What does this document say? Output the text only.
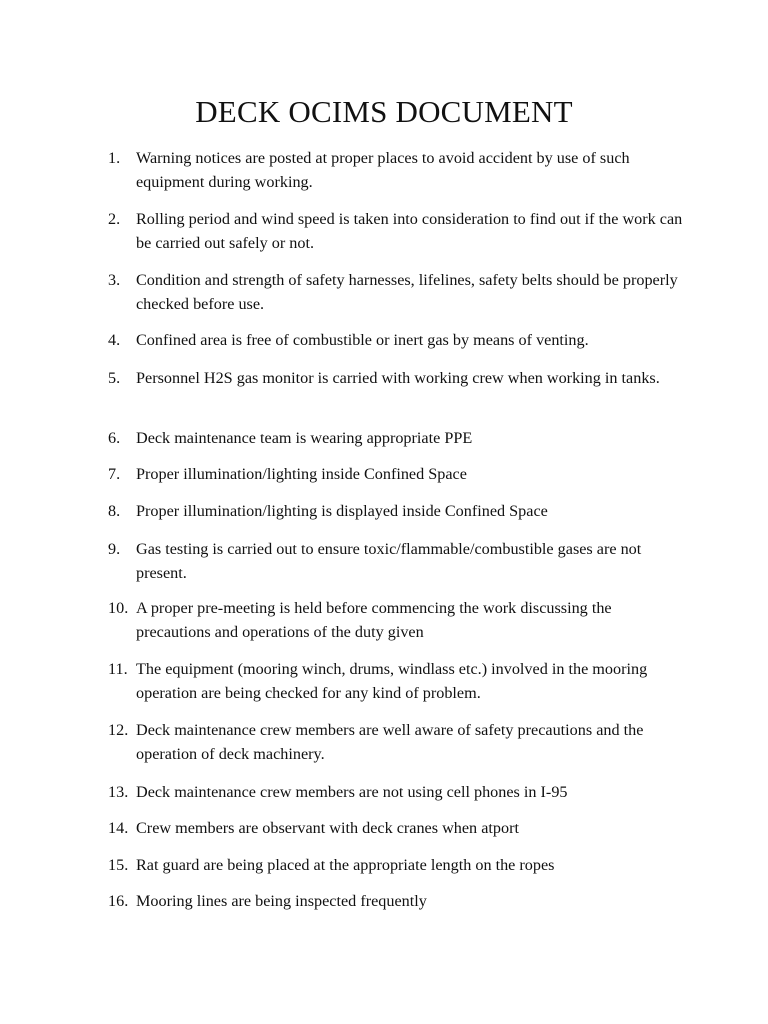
DECK OCIMS DOCUMENT
1. Warning notices are posted at proper places to avoid accident by use of such equipment during working.
2. Rolling period and wind speed is taken into consideration to find out if the work can be carried out safely or not.
3. Condition and strength of safety harnesses, lifelines, safety belts should be properly checked before use.
4. Confined area is free of combustible or inert gas by means of venting.
5. Personnel H2S gas monitor is carried with working crew when working in tanks.
6. Deck maintenance team is wearing appropriate PPE
7. Proper illumination/lighting inside Confined Space
8. Proper illumination/lighting is displayed inside Confined Space
9. Gas testing is carried out to ensure toxic/flammable/combustible gases are not present.
10. A proper pre-meeting is held before commencing the work discussing the precautions and operations of the duty given
11. The equipment (mooring winch, drums, windlass etc.) involved in the mooring operation are being checked for any kind of problem.
12. Deck maintenance crew members are well aware of safety precautions and the operation of deck machinery.
13. Deck maintenance crew members are not using cell phones in I-95
14. Crew members are observant with deck cranes when atport
15. Rat guard are being placed at the appropriate length on the ropes
16. Mooring lines are being inspected frequently
